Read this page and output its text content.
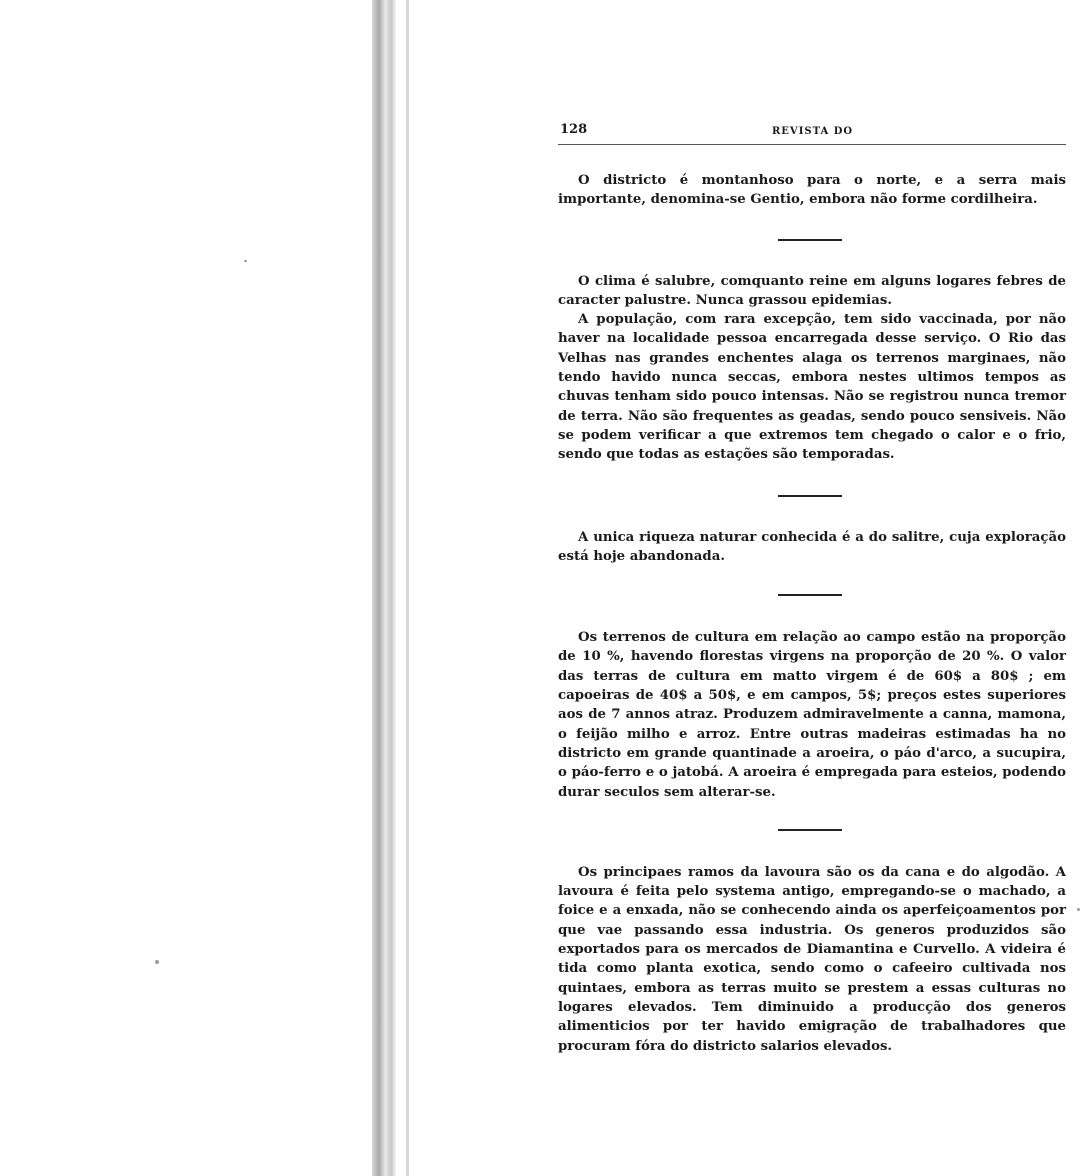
128	REVISTA DO

O districto é montanhoso para o norte, e a serra mais importante, denomina-se Gentio, embora não forme cordilheira.

O clima é salubre, comquanto reine em alguns logares febres de caracter palustre. Nunca grassou epidemias.

A população, com rara excepção, tem sido vaccinada, por não haver na localidade pessoa encarregada desse serviço. O Rio das Velhas nas grandes enchentes alaga os terrenos marginaes, não tendo havido nunca seccas, embora nestes ultimos tempos as chuvas tenham sido pouco intensas. Não se registrou nunca tremor de terra. Não são frequentes as geadas, sendo pouco sensiveis. Não se podem verificar a que extremos tem chegado o calor e o frio, sendo que todas as estações são temporadas.

A unica riqueza naturar conhecida é a do salitre, cuja exploração está hoje abandonada.

Os terrenos de cultura em relação ao campo estão na proporção de 10 %, havendo florestas virgens na proporção de 20 %. O valor das terras de cultura em matto virgem é de 60$ a 80$ ; em capoeiras de 40$ a 50$, e em campos, 5$; preços estes superiores aos de 7 annos atraz. Produzem admiravelmente a canna, mamona, o feijão milho e arroz. Entre outras madeiras estimadas ha no districto em grande quantinade a aroeira, o páo d'arco, a sucupira, o páo-ferro e o jatobá. A aroeira é empregada para esteios, podendo durar seculos sem alterar-se.

Os principaes ramos da lavoura são os da cana e do algodão. A lavoura é feita pelo systema antigo, empregando-se o machado, a foice e a enxada, não se conhecendo ainda os aperfeiçoamentos por que vae passando essa industria. Os generos produzidos são exportados para os mercados de Diamantina e Curvello. A videira é tida como planta exotica, sendo como o cafeeiro cultivada nos quintaes, embora as terras muito se prestem a essas culturas no logares elevados. Tem diminuido a producção dos generos alimenticios por ter havido emigração de trabalhadores que procuram fóra do districto salarios elevados.
